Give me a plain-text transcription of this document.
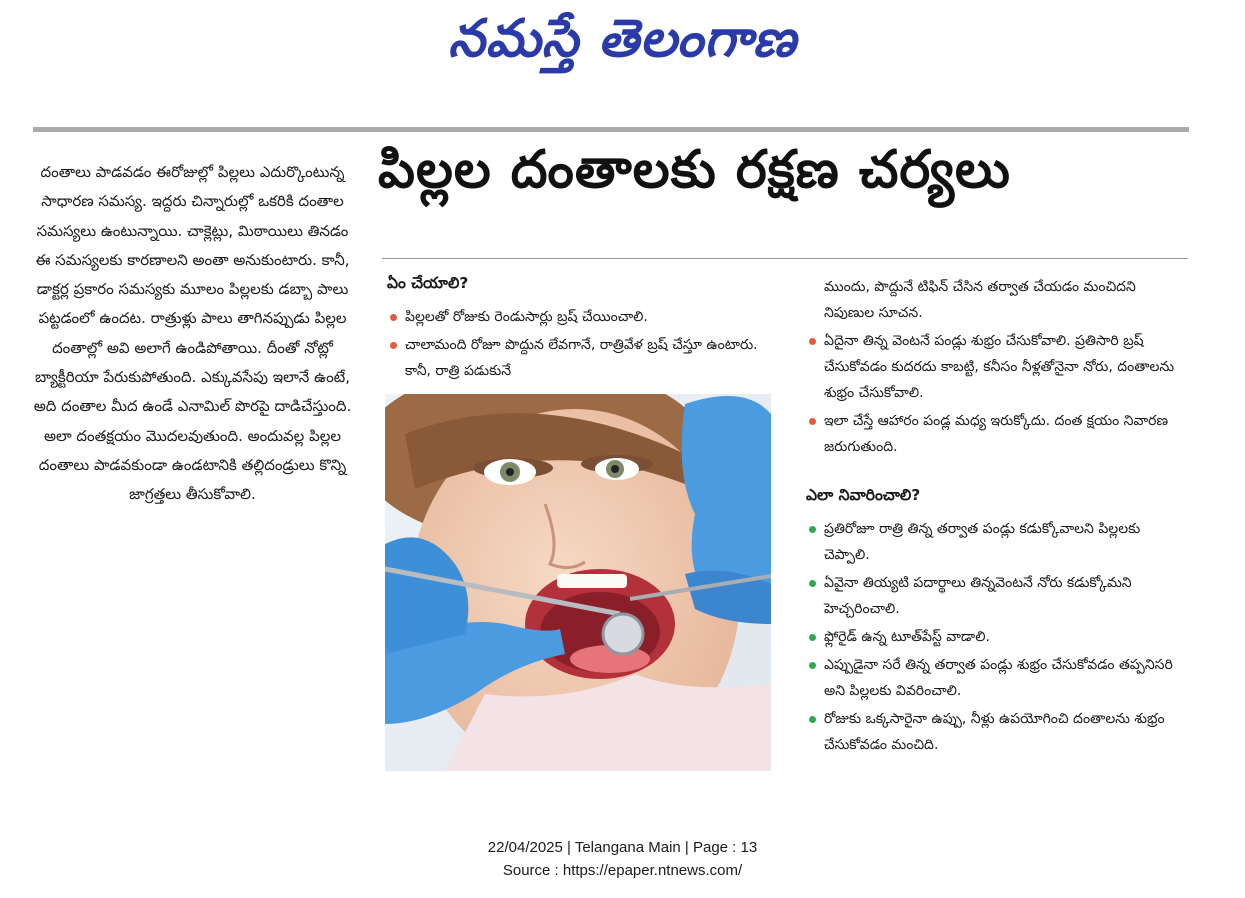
నమస్తే తెలంగాణ

దంతాలు పాడవడం ఈరోజుల్లో పిల్లలు ఎదుర్కొంటున్న సాధారణ సమస్య. ఇద్దరు చిన్నారుల్లో ఒకరికి దంతాల సమస్యలు ఉంటున్నాయి. చాక్లెట్లు, మిఠాయిలు తినడం ఈ సమస్యలకు కారణాలని అంతా అనుకుంటారు. కానీ, డాక్టర్ల ప్రకారం సమస్యకు మూలం పిల్లలకు డబ్బా పాలు పట్టడంలో ఉందట. రాత్రుళ్లు పాలు తాగినప్పుడు పిల్లల దంతాల్లో అవి అలాగే ఉండిపోతాయి. దీంతో నోట్లో బ్యాక్టీరియా పేరుకుపోతుంది. ఎక్కువసేపు ఇలానే ఉంటే, అది దంతాల మీద ఉండే ఎనామిల్ పొరపై దాడిచేస్తుంది. అలా దంతక్షయం మొదలవుతుంది. అందువల్ల పిల్లల దంతాలు పాడవకుండా ఉండటానికి తల్లిదండ్రులు కొన్ని జాగ్రత్తలు తీసుకోవాలి.

పిల్లల దంతాలకు రక్షణ చర్యలు
ఏం చేయాలి?
పిల్లలతో రోజుకు రెండుసార్లు బ్రష్ చేయించాలి.
చాలామంది రోజూ పొద్దున లేవగానే, రాత్రివేళ బ్రష్ చేస్తూ ఉంటారు. కానీ, రాత్రి పడుకునే
ముందు, పొద్దునే టిఫిన్ చేసిన తర్వాత చేయడం మంచిదని నిపుణుల సూచన.
ఏదైనా తిన్న వెంటనే పండ్లు శుభ్రం చేసుకోవాలి. ప్రతిసారి బ్రష్ చేసుకోవడం కుదరదు కాబట్టి, కనీసం నీళ్లతోనైనా నోరు, దంతాలను శుభ్రం చేసుకోవాలి.
ఇలా చేస్తే ఆహారం పండ్ల మధ్య ఇరుక్కోదు. దంత క్షయం నివారణ జరుగుతుంది.
ఎలా నివారించాలి?
ప్రతిరోజూ రాత్రి తిన్న తర్వాత పండ్లు కడుక్కోవాలని పిల్లలకు చెప్పాలి.
ఏవైనా తియ్యటి పదార్థాలు తిన్నవెంటనే నోరు కడుక్కోమని హెచ్చరించాలి.
ఫ్లోరైడ్ ఉన్న టూత్‌పేస్ట్ వాడాలి.
ఎప్పుడైనా సరే తిన్న తర్వాత పండ్లు శుభ్రం చేసుకోవడం తప్పనిసరి అని పిల్లలకు వివరించాలి.
రోజుకు ఒక్కసారైనా ఉప్పు, నీళ్లు ఉపయోగించి దంతాలను శుభ్రం చేసుకోవడం మంచిది.
22/04/2025 | Telangana Main | Page : 13
Source : https://epaper.ntnews.com/
